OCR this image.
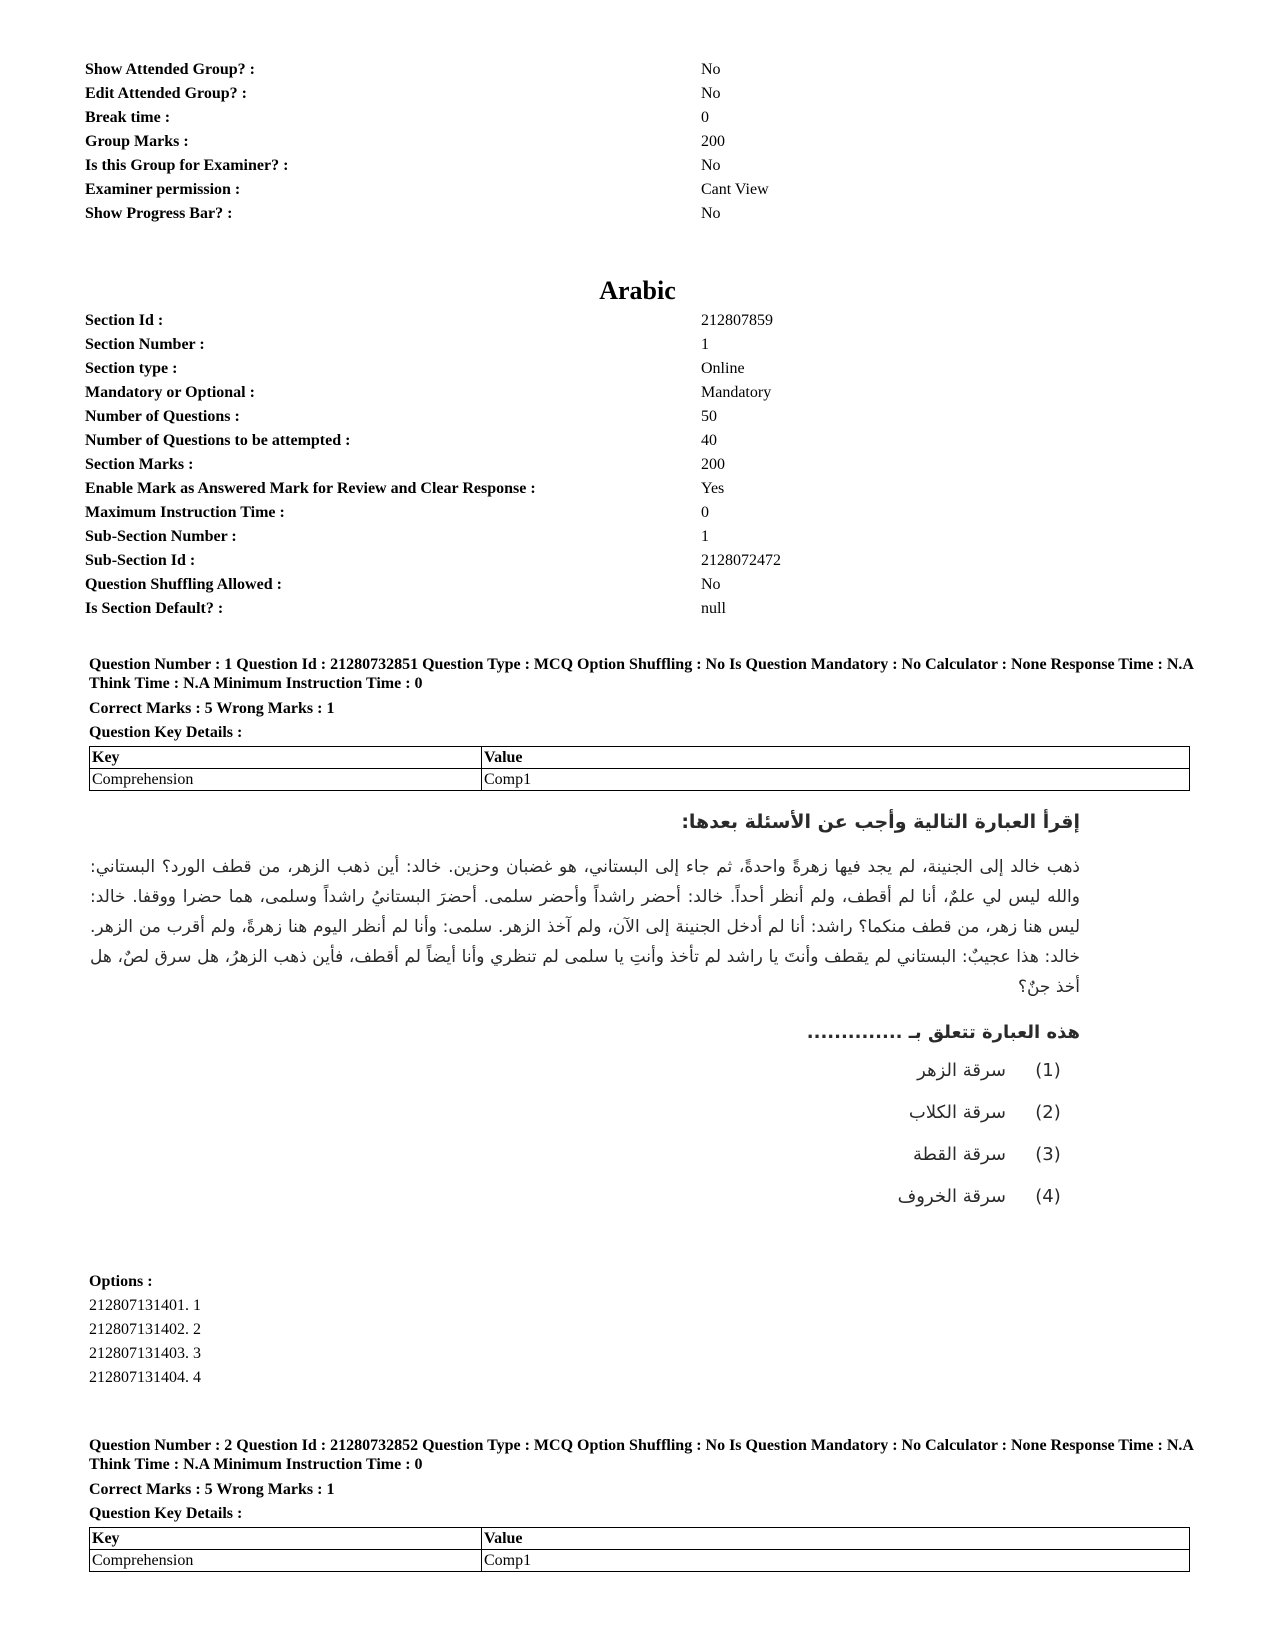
Show Attended Group? :	No
Edit Attended Group? :	No
Break time :	0
Group Marks :	200
Is this Group for Examiner? :	No
Examiner permission :	Cant View
Show Progress Bar? :	No
Arabic
Section Id :	212807859
Section Number :	1
Section type :	Online
Mandatory or Optional :	Mandatory
Number of Questions :	50
Number of Questions to be attempted :	40
Section Marks :	200
Enable Mark as Answered Mark for Review and Clear Response :	Yes
Maximum Instruction Time :	0
Sub-Section Number :	1
Sub-Section Id :	2128072472
Question Shuffling Allowed :	No
Is Section Default? :	null
Question Number : 1 Question Id : 21280732851 Question Type : MCQ Option Shuffling : No Is Question Mandatory : No Calculator : None Response Time : N.A Think Time : N.A Minimum Instruction Time : 0
Correct Marks : 5 Wrong Marks : 1
Question Key Details :
Key	Value
Comprehension	Comp1
إقرأ العبارة التالية وأجب عن الأسئلة بعدها:
ذهب خالد إلى الجنينة، لم يجد فيها زهرةً واحدةً، ثم جاء إلى البستاني، هو غضبان وحزين. خالد: أين ذهب الزهر، من قطف الورد؟ البستاني: والله ليس لي علمٌ، أنا لم أقطف، ولم أنظر أحداً. خالد: أحضر راشداً وأحضر سلمى. أحضرَ البستانيُ راشداً وسلمى، هما حضرا ووقفا. خالد: ليس هنا زهر، من قطف منكما؟ راشد: أنا لم أدخل الجنينة إلى الآن، ولم آخذ الزهر. سلمى: وأنا لم أنظر اليوم هنا زهرةً، ولم أقرب من الزهر. خالد: هذا عجيبٌ: البستاني لم يقطف وأنتَ يا راشد لم تأخذ وأنتِ يا سلمى لم تنظري وأنا أيضاً لم أقطف، فأين ذهب الزهرُ، هل سرق لصٌ، هل أخذ جنٌ؟
هذه العبارة تتعلق بـ ..............
(1)سرقة الزهر
(2)سرقة الكلاب
(3)سرقة القطة
(4)سرقة الخروف
Options :
212807131401. 1
212807131402. 2
212807131403. 3
212807131404. 4
Question Number : 2 Question Id : 21280732852 Question Type : MCQ Option Shuffling : No Is Question Mandatory : No Calculator : None Response Time : N.A Think Time : N.A Minimum Instruction Time : 0
Correct Marks : 5 Wrong Marks : 1
Question Key Details :
Key	Value
Comprehension	Comp1
